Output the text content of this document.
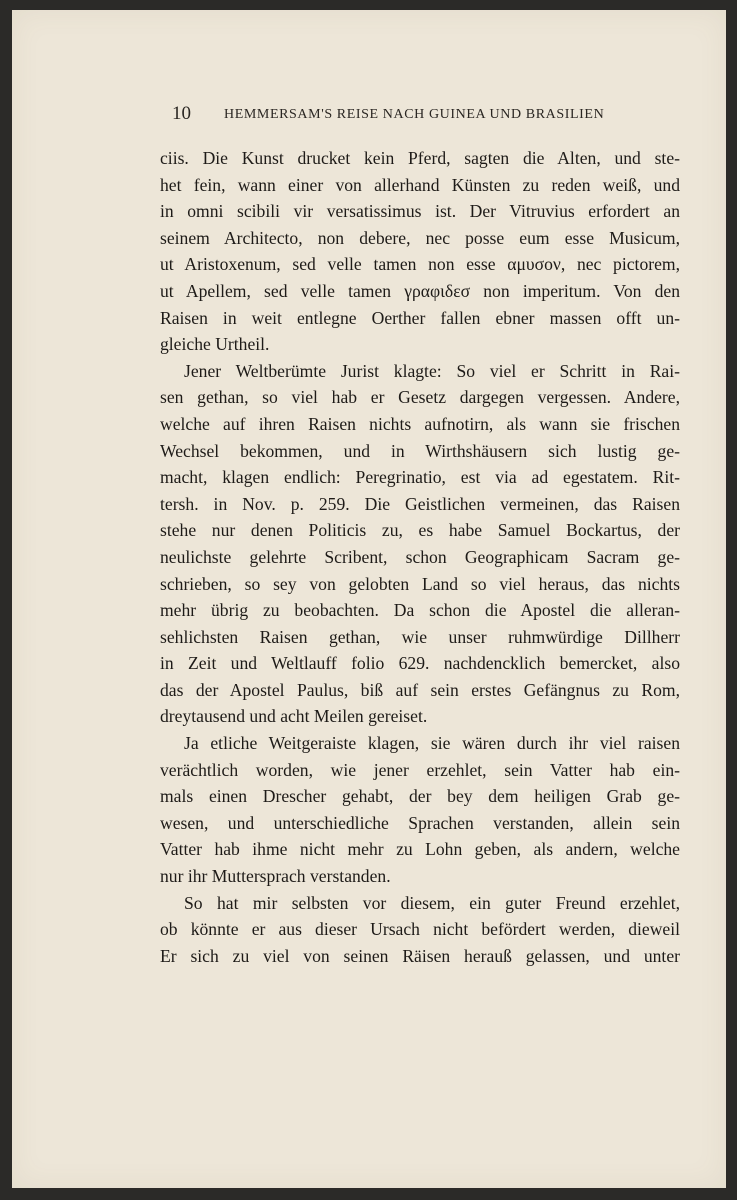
10 HEMMERSAM'S REISE NACH GUINEA UND BRASILIEN

ciis. Die Kunst drucket kein Pferd, sagten die Alten, und ste-
het fein, wann einer von allerhand Künsten zu reden weiß, und
in omni scibili vir versatissimus ist. Der Vitruvius erfordert an
seinem Architecto, non debere, nec posse eum esse Musicum,
ut Aristoxenum, sed velle tamen non esse αμυσον, nec pictorem,
ut Apellem, sed velle tamen γραφιδεσ non imperitum. Von den
Raisen in weit entlegne Oerther fallen ebner massen offt un-
gleiche Urtheil.

Jener Weltberümte Jurist klagte: So viel er Schritt in Rai-
sen gethan, so viel hab er Gesetz dargegen vergessen. Andere,
welche auf ihren Raisen nichts aufnotirn, als wann sie frischen
Wechsel bekommen, und in Wirthshäusern sich lustig ge-
macht, klagen endlich: Peregrinatio, est via ad egestatem. Rit-
tersh. in Nov. p. 259. Die Geistlichen vermeinen, das Raisen
stehe nur denen Politicis zu, es habe Samuel Bockartus, der
neulichste gelehrte Scribent, schon Geographicam Sacram ge-
schrieben, so sey von gelobten Land so viel heraus, das nichts
mehr übrig zu beobachten. Da schon die Apostel die alleran-
sehlichsten Raisen gethan, wie unser ruhmwürdige Dillherr
in Zeit und Weltlauff folio 629. nachdencklich bemercket, also
das der Apostel Paulus, biß auf sein erstes Gefängnus zu Rom,
dreytausend und acht Meilen gereiset.

Ja etliche Weitgeraiste klagen, sie wären durch ihr viel raisen
verächtlich worden, wie jener erzehlet, sein Vatter hab ein-
mals einen Drescher gehabt, der bey dem heiligen Grab ge-
wesen, und unterschiedliche Sprachen verstanden, allein sein
Vatter hab ihme nicht mehr zu Lohn geben, als andern, welche
nur ihr Muttersprach verstanden.

So hat mir selbsten vor diesem, ein guter Freund erzehlet,
ob könnte er aus dieser Ursach nicht befördert werden, dieweil
Er sich zu viel von seinen Räisen herauß gelassen, und unter
